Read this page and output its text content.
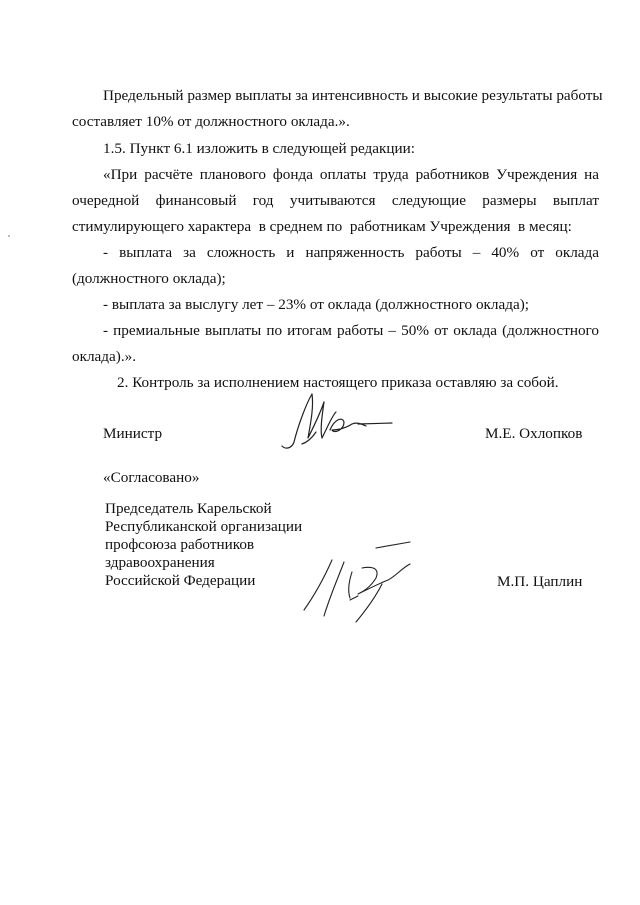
Предельный размер выплаты за интенсивность и высокие результаты работы
составляет 10% от должностного оклада.».
1.5. Пункт 6.1 изложить в следующей редакции:
«При расчёте планового фонда оплаты труда работников Учреждения на
очередной финансовый год учитываются следующие размеры выплат
стимулирующего характера  в среднем по  работникам Учреждения  в месяц:
- выплата за сложность и напряженность работы – 40% от оклада
(должностного оклада);
- выплата за выслугу лет – 23% от оклада (должностного оклада);
- премиальные выплаты по итогам работы – 50% от оклада (должностного
оклада).».
2. Контроль за исполнением настоящего приказа оставляю за собой.
Министр	М.Е. Охлопков
«Согласовано»
Председатель Карельской
Республиканской организации
профсоюза работников
здравоохранения
Российской Федерации	М.П. Цаплин
